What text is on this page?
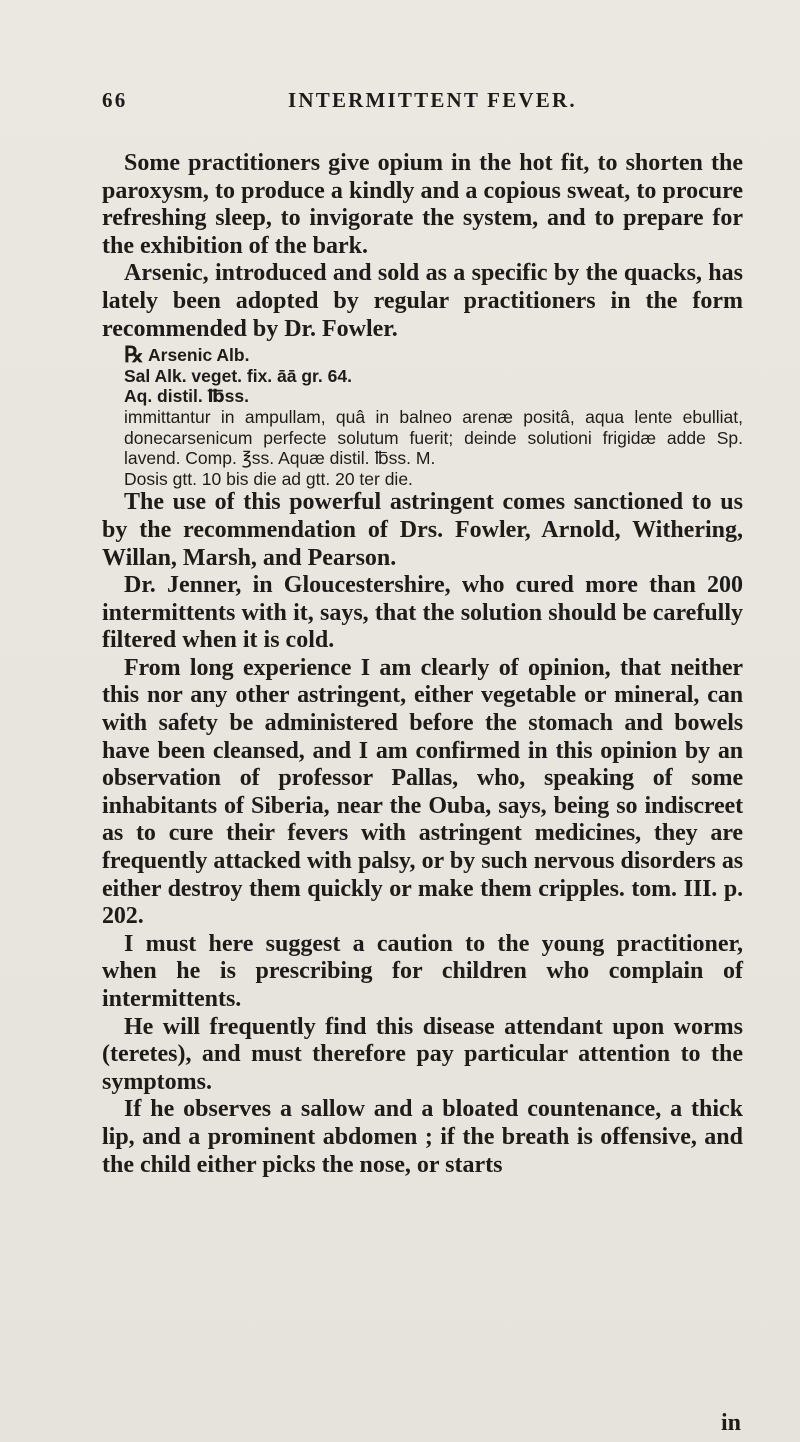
66	INTERMITTENT FEVER.

Some practitioners give opium in the hot fit, to shorten the paroxysm, to produce a kindly and a copious sweat, to procure refreshing sleep, to invigorate the system, and to prepare for the exhibition of the bark.

Arsenic, introduced and sold as a specific by the quacks, has lately been adopted by regular practitioners in the form recommended by Dr. Fowler.

℞ Arsenic Alb.
Sal Alk. veget. fix. āā gr. 64.
Aq. distil. ℔ss.
immittantur in ampullam, quâ in balneo arenæ positâ, aqua lente ebulliat, donecarsenicum perfecte solutum fuerit; deinde solutioni frigidæ adde Sp. lavend. Comp. ℥ss. Aquæ distil. ℔ss. M.
Dosis gtt. 10 bis die ad gtt. 20 ter die.

The use of this powerful astringent comes sanctioned to us by the recommendation of Drs. Fowler, Arnold, Withering, Willan, Marsh, and Pearson.

Dr. Jenner, in Gloucestershire, who cured more than 200 intermittents with it, says, that the solution should be carefully filtered when it is cold.

From long experience I am clearly of opinion, that neither this nor any other astringent, either vegetable or mineral, can with safety be administered before the stomach and bowels have been cleansed, and I am confirmed in this opinion by an observation of professor Pallas, who, speaking of some inhabitants of Siberia, near the Ouba, says, being so indiscreet as to cure their fevers with astringent medicines, they are frequently attacked with palsy, or by such nervous disorders as either destroy them quickly or make them cripples. tom. III. p. 202.

I must here suggest a caution to the young practitioner, when he is prescribing for children who complain of intermittents.

He will frequently find this disease attendant upon worms (teretes), and must therefore pay particular attention to the symptoms.

If he observes a sallow and a bloated countenance, a thick lip, and a prominent abdomen ; if the breath is offensive, and the child either picks the nose, or starts

in
